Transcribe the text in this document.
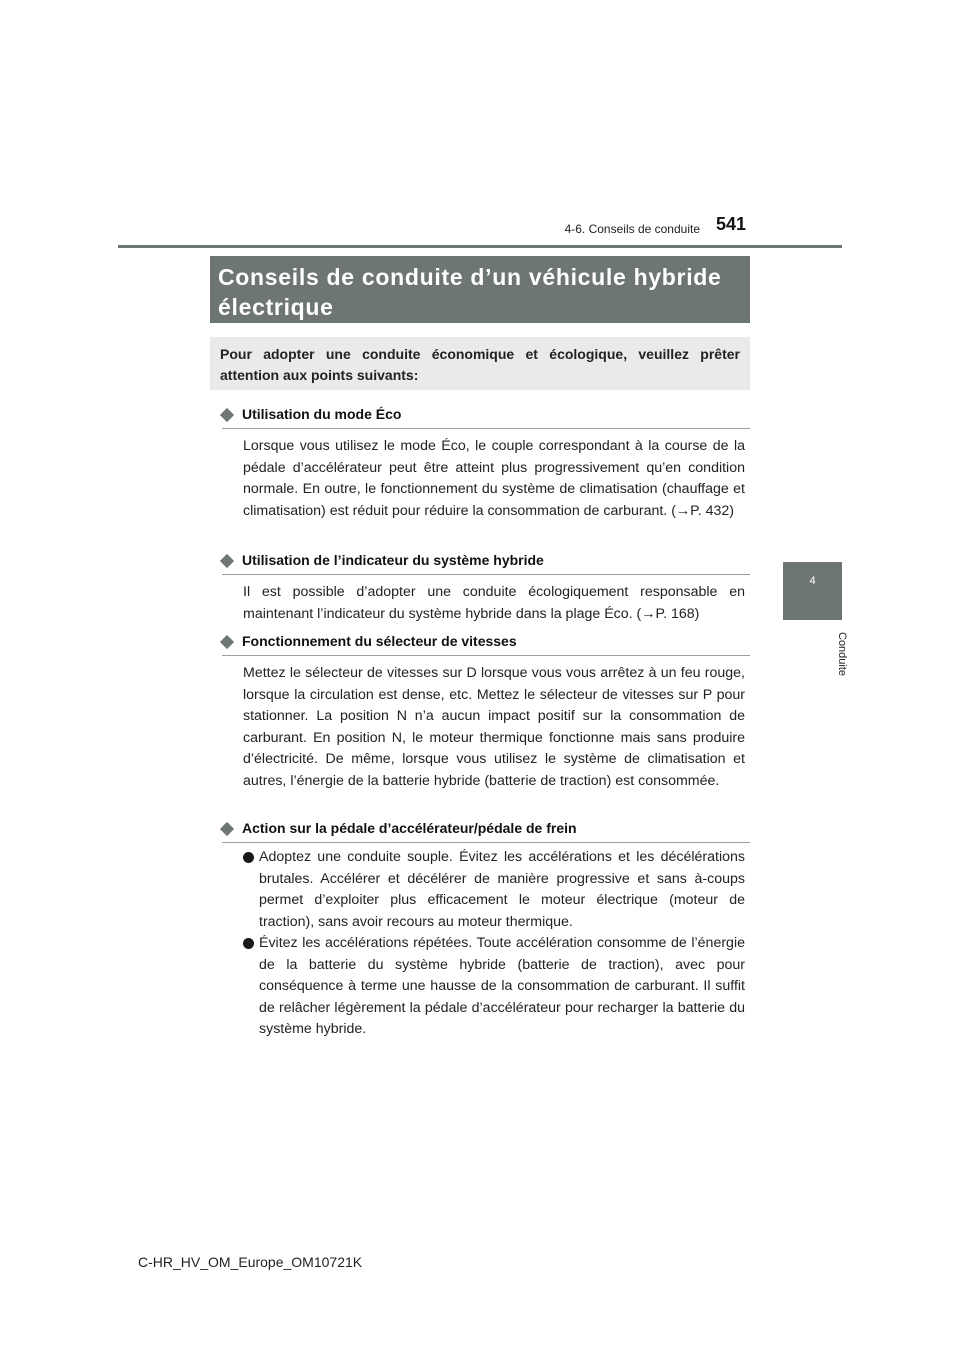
4-6. Conseils de conduite 541
4
Conduite
Conseils de conduite d’un véhicule hybride électrique
Pour adopter une conduite économique et écologique, veuillez prêter attention aux points suivants:
Utilisation du mode Éco
Lorsque vous utilisez le mode Éco, le couple correspondant à la course de la pédale d’accélérateur peut être atteint plus progressivement qu’en condition normale. En outre, le fonctionnement du système de climatisation (chauffage et climatisation) est réduit pour réduire la consommation de carburant. (→P. 432)
Utilisation de l’indicateur du système hybride
Il est possible d’adopter une conduite écologiquement responsable en maintenant l’indicateur du système hybride dans la plage Éco. (→P. 168)
Fonctionnement du sélecteur de vitesses
Mettez le sélecteur de vitesses sur D lorsque vous vous arrêtez à un feu rouge, lorsque la circulation est dense, etc. Mettez le sélecteur de vitesses sur P pour stationner. La position N n’a aucun impact positif sur la consommation de carburant. En position N, le moteur thermique fonctionne mais sans produire d’électricité. De même, lorsque vous utilisez le système de climatisation et autres, l’énergie de la batterie hybride (batterie de traction) est consommée.
Action sur la pédale d’accélérateur/pédale de frein
Adoptez une conduite souple. Évitez les accélérations et les décélérations brutales. Accélérer et décélérer de manière progressive et sans à-coups permet d’exploiter plus efficacement le moteur électrique (moteur de traction), sans avoir recours au moteur thermique.
Évitez les accélérations répétées. Toute accélération consomme de l’énergie de la batterie du système hybride (batterie de traction), avec pour conséquence à terme une hausse de la consommation de carburant. Il suffit de relâcher légèrement la pédale d’accélérateur pour recharger la batterie du système hybride.
C-HR_HV_OM_Europe_OM10721K
